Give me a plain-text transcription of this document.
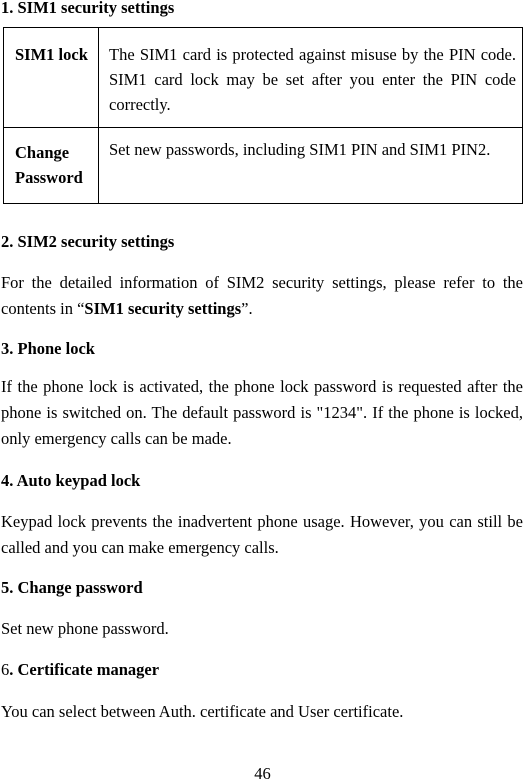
1. SIM1 security settings
SIM1 lock	The SIM1 card is protected against misuse by the PIN code. SIM1 card lock may be set after you enter the PIN code correctly.
Change Password	Set new passwords, including SIM1 PIN and SIM1 PIN2.
2. SIM2 security settings
For the detailed information of SIM2 security settings, please refer to the contents in “SIM1 security settings”.
3. Phone lock
If the phone lock is activated, the phone lock password is requested after the phone is switched on. The default password is "1234". If the phone is locked, only emergency calls can be made.
4. Auto keypad lock
Keypad lock prevents the inadvertent phone usage. However, you can still be called and you can make emergency calls.
5. Change password
Set new phone password.
6. Certificate manager
You can select between Auth. certificate and User certificate.
46
